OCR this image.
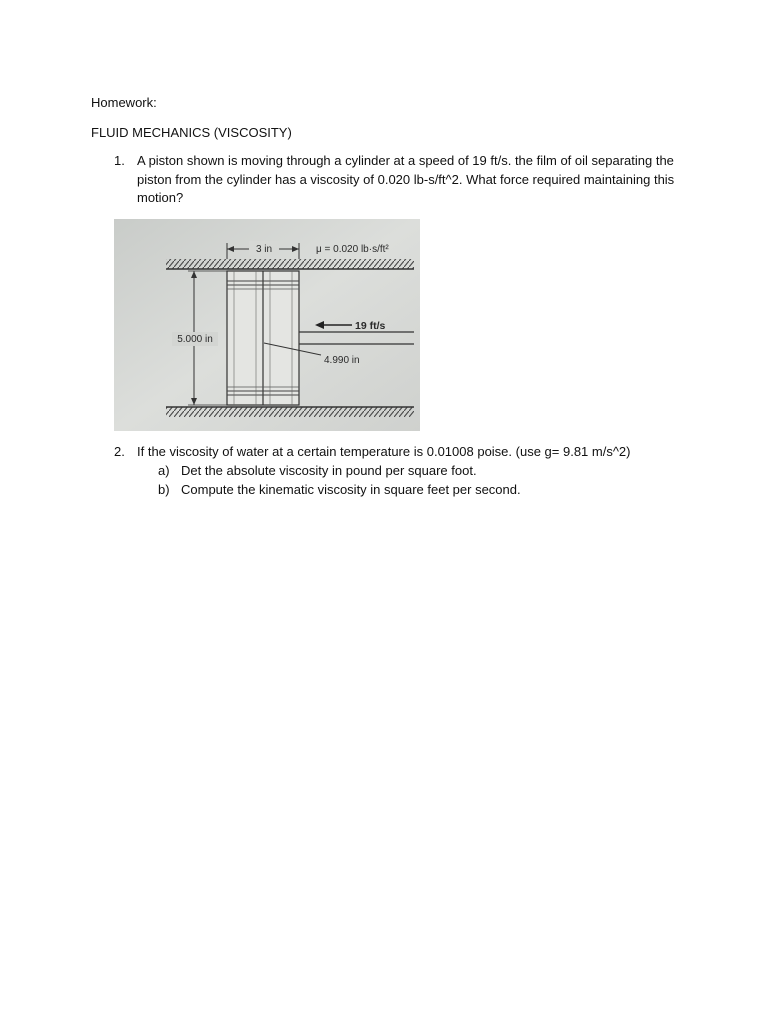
Homework:
FLUID MECHANICS (VISCOSITY)
1. A piston shown is moving through a cylinder at a speed of 19 ft/s. the film of oil separating the
piston from the cylinder has a viscosity of 0.020 lb-s/ft^2. What force required maintaining this
motion?
3 in	μ = 0.020 lb·s/ft²
5.000 in
19 ft/s
4.990 in
2. If the viscosity of water at a certain temperature is 0.01008 poise. (use g= 9.81 m/s^2)
a) Det the absolute viscosity in pound per square foot.
b) Compute the kinematic viscosity in square feet per second.
